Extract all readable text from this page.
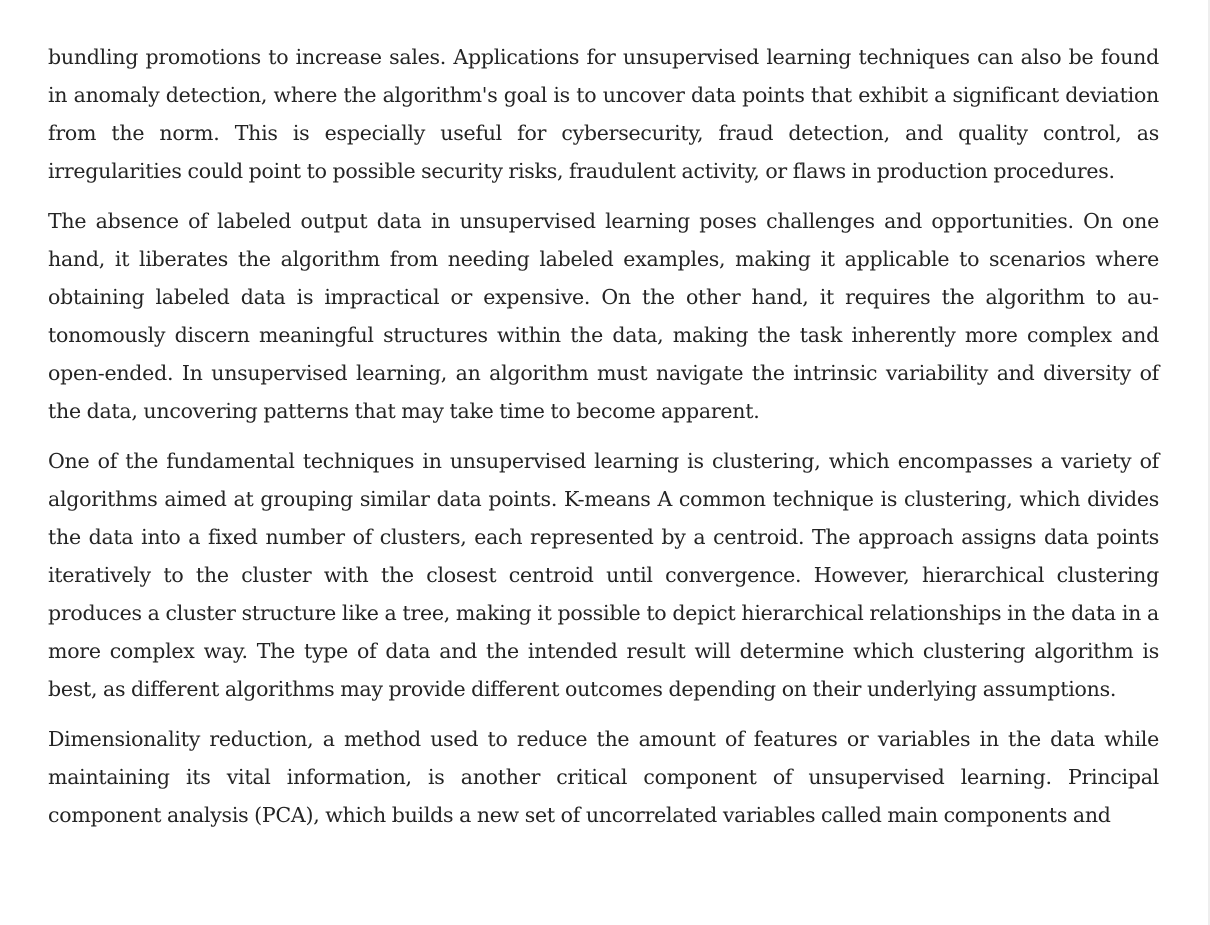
bundling promotions to increase sales. Applications for unsupervised learning techniques can also be found in anomaly detection, where the algorithm's goal is to uncover data points that exhibit a significant deviation from the norm. This is especially useful for cybersecurity, fraud detection, and quality control, as irregularities could point to possible security risks, fraudulent activity, or flaws in production procedures.

The absence of labeled output data in unsupervised learning poses challenges and opportunities. On one hand, it liberates the algorithm from needing labeled examples, making it applicable to scenarios where obtaining labeled data is impractical or expensive. On the other hand, it requires the algorithm to autonomously discern meaningful structures within the data, making the task inherently more complex and open-ended. In unsupervised learning, an algorithm must navigate the intrinsic variability and diversity of the data, uncovering patterns that may take time to become apparent.

One of the fundamental techniques in unsupervised learning is clustering, which encompasses a variety of algorithms aimed at grouping similar data points. K-means A common technique is clustering, which divides the data into a fixed number of clusters, each represented by a centroid. The approach assigns data points iteratively to the cluster with the closest centroid until convergence. However, hierarchical clustering produces a cluster structure like a tree, making it possible to depict hierarchical relationships in the data in a more complex way. The type of data and the intended result will determine which clustering algorithm is best, as different algorithms may provide different outcomes depending on their underlying assumptions.

Dimensionality reduction, a method used to reduce the amount of features or variables in the data while maintaining its vital information, is another critical component of unsupervised learning. Principal component analysis (PCA), which builds a new set of uncorrelated variables called main components and
